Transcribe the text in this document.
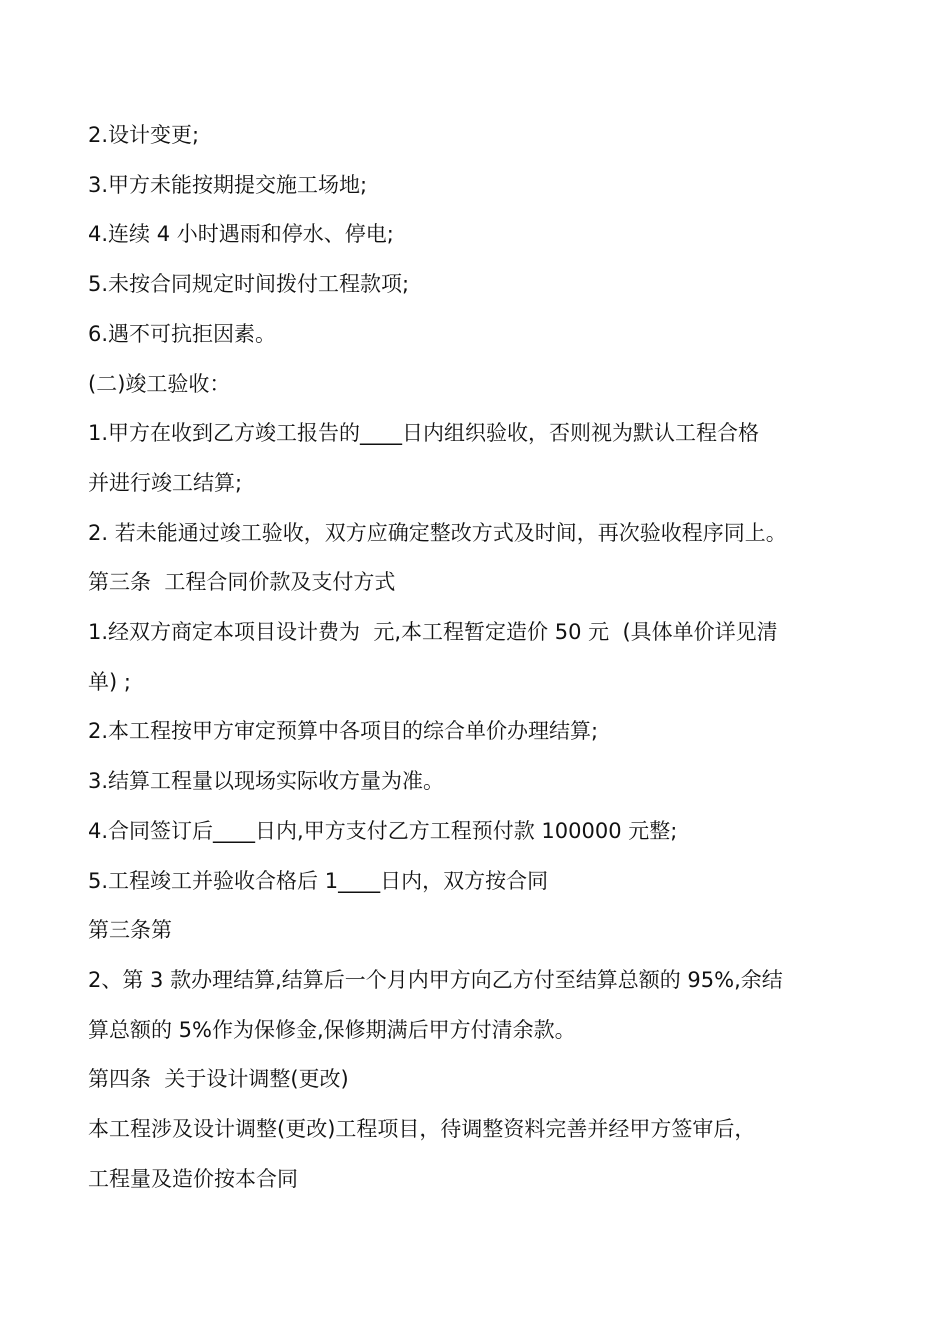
2.设计变更;

3.甲方未能按期提交施工场地;

4.连续 4 小时遇雨和停水、停电;

5.未按合同规定时间拨付工程款项;

6.遇不可抗拒因素。

(二)竣工验收：

1.甲方在收到乙方竣工报告的____日内组织验收，否则视为默认工程合格

并进行竣工结算;

2. 若未能通过竣工验收，双方应确定整改方式及时间，再次验收程序同上。

第三条  工程合同价款及支付方式

1.经双方商定本项目设计费为  元,本工程暂定造价 50 元  (具体单价详见清

单) ;

2.本工程按甲方审定预算中各项目的综合单价办理结算;

3.结算工程量以现场实际收方量为准。

4.合同签订后____日内,甲方支付乙方工程预付款 100000 元整;

5.工程竣工并验收合格后 1____日内，双方按合同

第三条第

2、第 3 款办理结算,结算后一个月内甲方向乙方付至结算总额的 95%,余结

算总额的 5%作为保修金,保修期满后甲方付清余款。

第四条  关于设计调整(更改)

本工程涉及设计调整(更改)工程项目，待调整资料完善并经甲方签审后，

工程量及造价按本合同
